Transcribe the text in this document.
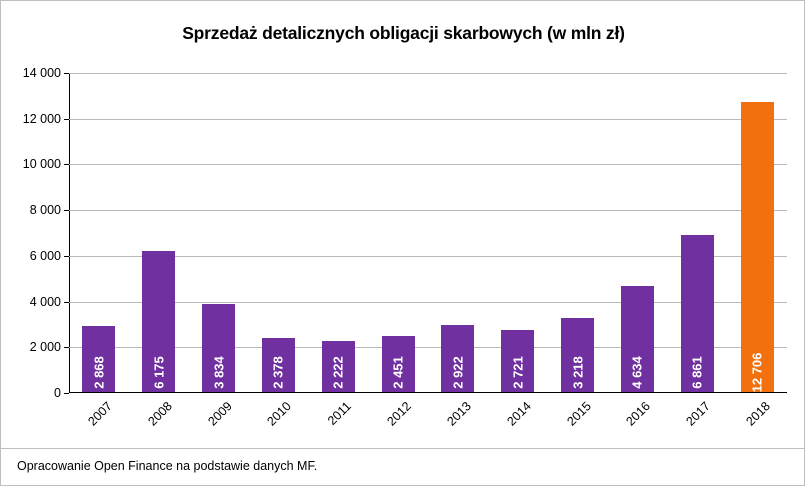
Sprzedaż detalicznych obligacji skarbowych (w mln zł)
0
2 000
4 000
6 000
8 000
10 000
12 000
14 000
2 868	6 175	3 834	2 378	2 222	2 451	2 922	2 721	3 218	4 634	6 861	12 706
2007	2008	2009	2010	2011	2012	2013	2014	2015	2016	2017	2018
Opracowanie Open Finance na podstawie danych MF.
